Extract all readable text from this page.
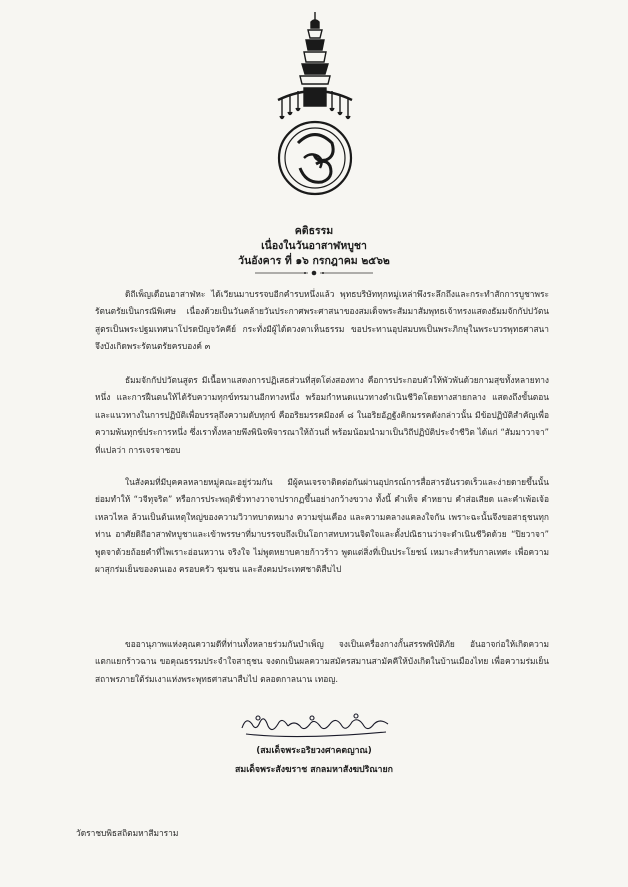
คติธรรม
เนื่องในวันอาสาฬหบูชา
วันอังคาร ที่ ๑๖ กรกฎาคม ๒๕๖๒

ดิถีเพ็ญเดือนอาสาฬหะ ได้เวียนมาบรรจบอีกคำรบหนึ่งแล้ว พุทธบริษัททุกหมู่เหล่าพึงระลึกถึงและกระทำสักการบูชาพระรัตนตรัยเป็นกรณีพิเศษ เนื่องด้วยเป็นวันคล้ายวันประกาศพระศาสนาของสมเด็จพระสัมมาสัมพุทธเจ้าทรงแสดงธัมมจักกัปปวัตนสูตรเป็นพระปฐมเทศนาโปรดปัญจวัคคีย์ กระทั่งมีผู้ได้ดวงตาเห็นธรรม ขอประทานอุปสมบทเป็นพระภิกษุในพระบวรพุทธศาสนา จึงบังเกิดพระรัตนตรัยครบองค์ ๓

ธัมมจักกัปปวัตนสูตร มีเนื้อหาแสดงการปฏิเสธส่วนที่สุดโต่งสองทาง คือการประกอบตัวให้พัวพันด้วยกามสุขทั้งหลายทางหนึ่ง และการฝืนตนให้ได้รับความทุกข์ทรมานอีกทางหนึ่ง พร้อมกำหนดแนวทางดำเนินชีวิตโดยทางสายกลาง แสดงถึงขั้นตอนและแนวทางในการปฏิบัติเพื่อบรรลุถึงความดับทุกข์ คืออริยมรรคมีองค์ ๘ ในอริยอัฏฐังคิกมรรคดังกล่าวนั้น มีข้อปฏิบัติสำคัญเพื่อความพ้นทุกข์ประการหนึ่ง ซึ่งเราทั้งหลายพึงพินิจพิจารณาให้ถ้วนถี่ พร้อมน้อมนำมาเป็นวิถีปฏิบัติประจำชีวิต ได้แก่ “สัมมาวาจา” ที่แปลว่า การเจรจาชอบ

ในสังคมที่มีบุคคลหลายหมู่คณะอยู่ร่วมกัน มีผู้คนเจรจาติดต่อกันผ่านอุปกรณ์การสื่อสารอันรวดเร็วและง่ายดายขึ้นนั้น ย่อมทำให้ “วจีทุจริต” หรือการประพฤติชั่วทางวาจาปรากฏขึ้นอย่างกว้างขวาง ทั้งนี้ คำเท็จ คำหยาบ คำส่อเสียด และคำเพ้อเจ้อเหลวไหล ล้วนเป็นต้นเหตุใหญ่ของความวิวาทบาดหมาง ความขุ่นเคือง และความคลางแคลงใจกัน เพราะฉะนั้นจึงขอสาธุชนทุกท่าน อาศัยดิถีอาสาฬหบูชาและเข้าพรรษาที่มาบรรจบถึงเป็นโอกาสทบทวนจิตใจและตั้งปณิธานว่าจะดำเนินชีวิตด้วย “ปิยวาจา” พูดจาด้วยถ้อยคำที่ไพเราะอ่อนหวาน จริงใจ ไม่พูดหยาบคายก้าวร้าว พูดแต่สิ่งที่เป็นประโยชน์ เหมาะสำหรับกาลเทศะ เพื่อความผาสุกร่มเย็นของตนเอง ครอบครัว ชุมชน และสังคมประเทศชาติสืบไป

ขออานุภาพแห่งคุณความดีที่ท่านทั้งหลายร่วมกันบำเพ็ญ จงเป็นเครื่องกางกั้นสรรพพิบัติภัย อันอาจก่อให้เกิดความแตกแยกร้าวฉาน ขอคุณธรรมประจำใจสาธุชน จงตกเป็นผลความสมัครสมานสามัคคีให้บังเกิดในบ้านเมืองไทย เพื่อความร่มเย็นสถาพรภายใต้ร่มเงาแห่งพระพุทธศาสนาสืบไป ตลอดกาลนาน เทอญ.

(สมเด็จพระอริยวงศาคตญาณ)
สมเด็จพระสังฆราช สกลมหาสังฆปริณายก
วัดราชบพิธสถิตมหาสีมาราม
